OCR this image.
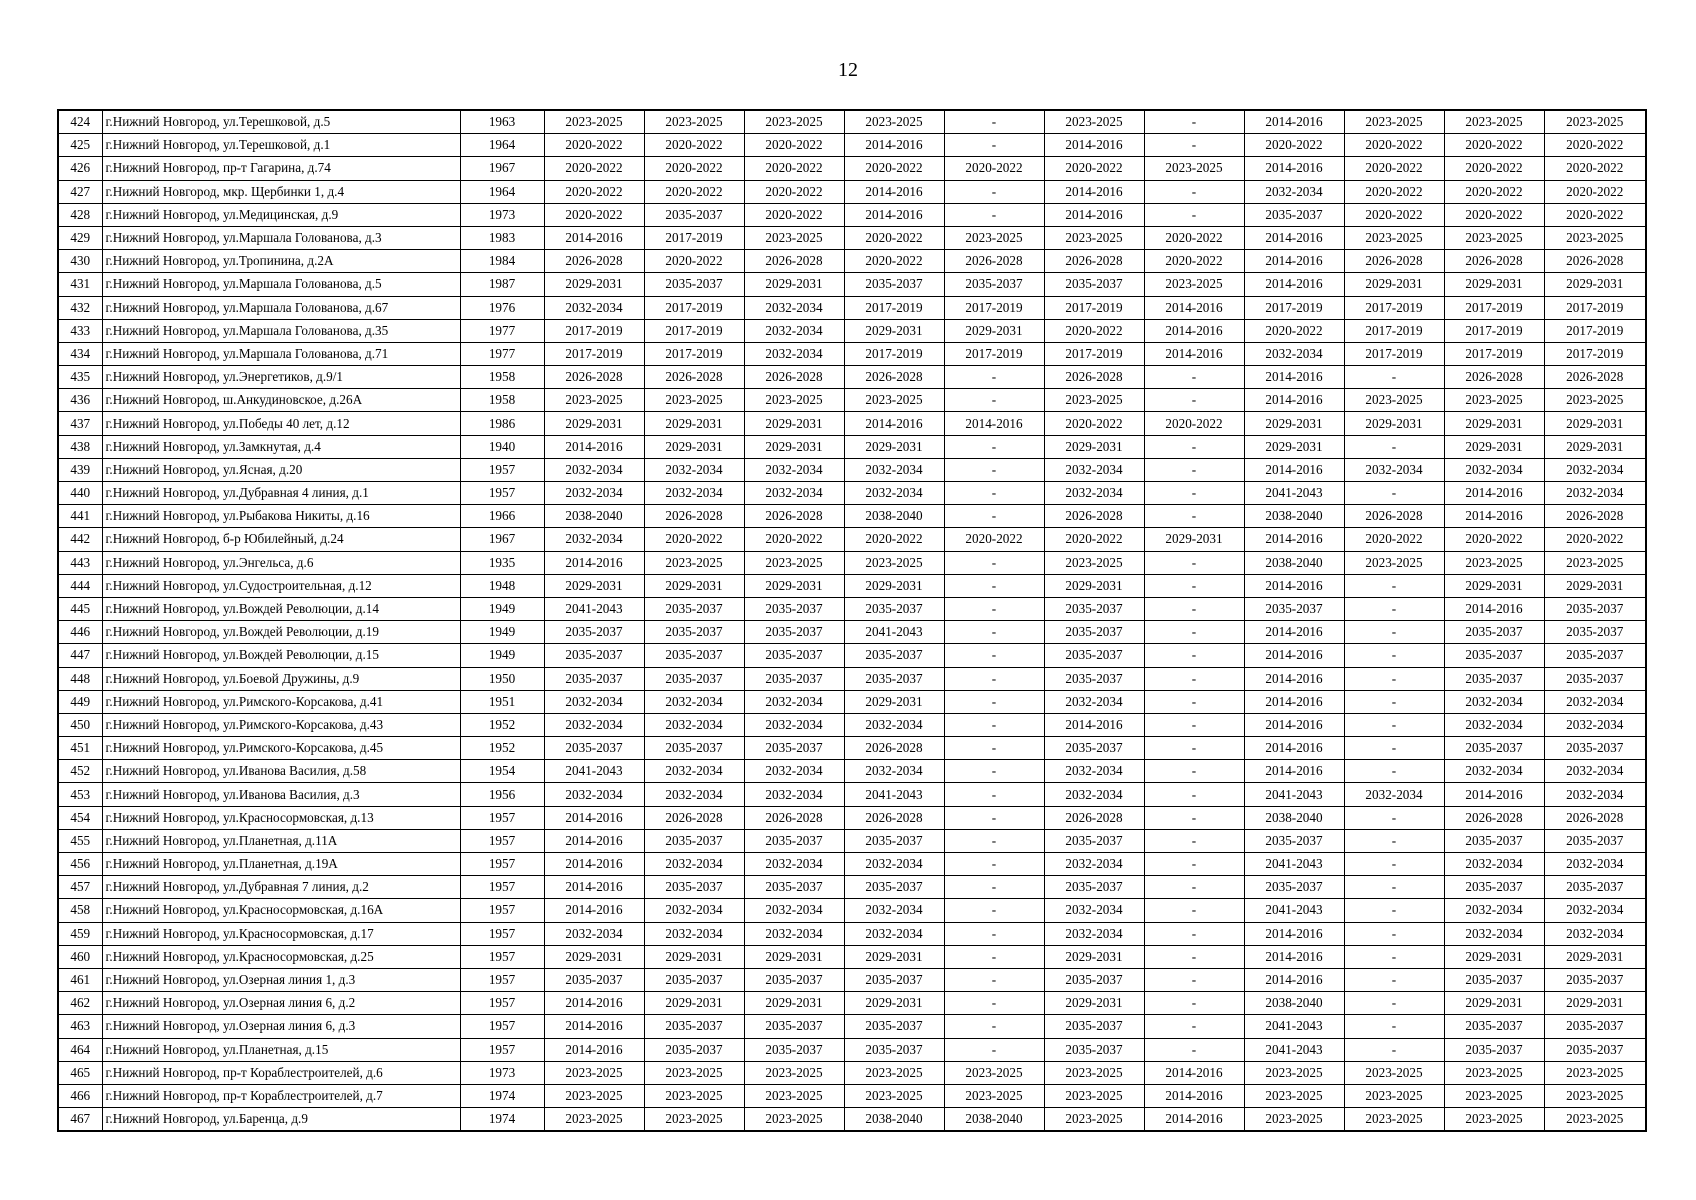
12
424	г.Нижний Новгород, ул.Терешковой, д.5	1963	2023-2025	2023-2025	2023-2025	2023-2025	-	2023-2025	-	2014-2016	2023-2025	2023-2025	2023-2025
425	г.Нижний Новгород, ул.Терешковой, д.1	1964	2020-2022	2020-2022	2020-2022	2014-2016	-	2014-2016	-	2020-2022	2020-2022	2020-2022	2020-2022
426	г.Нижний Новгород, пр-т Гагарина, д.74	1967	2020-2022	2020-2022	2020-2022	2020-2022	2020-2022	2020-2022	2023-2025	2014-2016	2020-2022	2020-2022	2020-2022
427	г.Нижний Новгород, мкр. Щербинки 1, д.4	1964	2020-2022	2020-2022	2020-2022	2014-2016	-	2014-2016	-	2032-2034	2020-2022	2020-2022	2020-2022
428	г.Нижний Новгород, ул.Медицинская, д.9	1973	2020-2022	2035-2037	2020-2022	2014-2016	-	2014-2016	-	2035-2037	2020-2022	2020-2022	2020-2022
429	г.Нижний Новгород, ул.Маршала Голованова, д.3	1983	2014-2016	2017-2019	2023-2025	2020-2022	2023-2025	2023-2025	2020-2022	2014-2016	2023-2025	2023-2025	2023-2025
430	г.Нижний Новгород, ул.Тропинина, д.2А	1984	2026-2028	2020-2022	2026-2028	2020-2022	2026-2028	2026-2028	2020-2022	2014-2016	2026-2028	2026-2028	2026-2028
431	г.Нижний Новгород, ул.Маршала Голованова, д.5	1987	2029-2031	2035-2037	2029-2031	2035-2037	2035-2037	2035-2037	2023-2025	2014-2016	2029-2031	2029-2031	2029-2031
432	г.Нижний Новгород, ул.Маршала Голованова, д.67	1976	2032-2034	2017-2019	2032-2034	2017-2019	2017-2019	2017-2019	2014-2016	2017-2019	2017-2019	2017-2019	2017-2019
433	г.Нижний Новгород, ул.Маршала Голованова, д.35	1977	2017-2019	2017-2019	2032-2034	2029-2031	2029-2031	2020-2022	2014-2016	2020-2022	2017-2019	2017-2019	2017-2019
434	г.Нижний Новгород, ул.Маршала Голованова, д.71	1977	2017-2019	2017-2019	2032-2034	2017-2019	2017-2019	2017-2019	2014-2016	2032-2034	2017-2019	2017-2019	2017-2019
435	г.Нижний Новгород, ул.Энергетиков, д.9/1	1958	2026-2028	2026-2028	2026-2028	2026-2028	-	2026-2028	-	2014-2016	-	2026-2028	2026-2028
436	г.Нижний Новгород, ш.Анкудиновское, д.26А	1958	2023-2025	2023-2025	2023-2025	2023-2025	-	2023-2025	-	2014-2016	2023-2025	2023-2025	2023-2025
437	г.Нижний Новгород, ул.Победы 40 лет, д.12	1986	2029-2031	2029-2031	2029-2031	2014-2016	2014-2016	2020-2022	2020-2022	2029-2031	2029-2031	2029-2031	2029-2031
438	г.Нижний Новгород, ул.Замкнутая, д.4	1940	2014-2016	2029-2031	2029-2031	2029-2031	-	2029-2031	-	2029-2031	-	2029-2031	2029-2031
439	г.Нижний Новгород, ул.Ясная, д.20	1957	2032-2034	2032-2034	2032-2034	2032-2034	-	2032-2034	-	2014-2016	2032-2034	2032-2034	2032-2034
440	г.Нижний Новгород, ул.Дубравная 4 линия, д.1	1957	2032-2034	2032-2034	2032-2034	2032-2034	-	2032-2034	-	2041-2043	-	2014-2016	2032-2034
441	г.Нижний Новгород, ул.Рыбакова Никиты, д.16	1966	2038-2040	2026-2028	2026-2028	2038-2040	-	2026-2028	-	2038-2040	2026-2028	2014-2016	2026-2028
442	г.Нижний Новгород, б-р Юбилейный, д.24	1967	2032-2034	2020-2022	2020-2022	2020-2022	2020-2022	2020-2022	2029-2031	2014-2016	2020-2022	2020-2022	2020-2022
443	г.Нижний Новгород, ул.Энгельса, д.6	1935	2014-2016	2023-2025	2023-2025	2023-2025	-	2023-2025	-	2038-2040	2023-2025	2023-2025	2023-2025
444	г.Нижний Новгород, ул.Судостроительная, д.12	1948	2029-2031	2029-2031	2029-2031	2029-2031	-	2029-2031	-	2014-2016	-	2029-2031	2029-2031
445	г.Нижний Новгород, ул.Вождей Революции, д.14	1949	2041-2043	2035-2037	2035-2037	2035-2037	-	2035-2037	-	2035-2037	-	2014-2016	2035-2037
446	г.Нижний Новгород, ул.Вождей Революции, д.19	1949	2035-2037	2035-2037	2035-2037	2041-2043	-	2035-2037	-	2014-2016	-	2035-2037	2035-2037
447	г.Нижний Новгород, ул.Вождей Революции, д.15	1949	2035-2037	2035-2037	2035-2037	2035-2037	-	2035-2037	-	2014-2016	-	2035-2037	2035-2037
448	г.Нижний Новгород, ул.Боевой Дружины, д.9	1950	2035-2037	2035-2037	2035-2037	2035-2037	-	2035-2037	-	2014-2016	-	2035-2037	2035-2037
449	г.Нижний Новгород, ул.Римского-Корсакова, д.41	1951	2032-2034	2032-2034	2032-2034	2029-2031	-	2032-2034	-	2014-2016	-	2032-2034	2032-2034
450	г.Нижний Новгород, ул.Римского-Корсакова, д.43	1952	2032-2034	2032-2034	2032-2034	2032-2034	-	2014-2016	-	2014-2016	-	2032-2034	2032-2034
451	г.Нижний Новгород, ул.Римского-Корсакова, д.45	1952	2035-2037	2035-2037	2035-2037	2026-2028	-	2035-2037	-	2014-2016	-	2035-2037	2035-2037
452	г.Нижний Новгород, ул.Иванова Василия, д.58	1954	2041-2043	2032-2034	2032-2034	2032-2034	-	2032-2034	-	2014-2016	-	2032-2034	2032-2034
453	г.Нижний Новгород, ул.Иванова Василия, д.3	1956	2032-2034	2032-2034	2032-2034	2041-2043	-	2032-2034	-	2041-2043	2032-2034	2014-2016	2032-2034
454	г.Нижний Новгород, ул.Красносормовская, д.13	1957	2014-2016	2026-2028	2026-2028	2026-2028	-	2026-2028	-	2038-2040	-	2026-2028	2026-2028
455	г.Нижний Новгород, ул.Планетная, д.11А	1957	2014-2016	2035-2037	2035-2037	2035-2037	-	2035-2037	-	2035-2037	-	2035-2037	2035-2037
456	г.Нижний Новгород, ул.Планетная, д.19А	1957	2014-2016	2032-2034	2032-2034	2032-2034	-	2032-2034	-	2041-2043	-	2032-2034	2032-2034
457	г.Нижний Новгород, ул.Дубравная 7 линия, д.2	1957	2014-2016	2035-2037	2035-2037	2035-2037	-	2035-2037	-	2035-2037	-	2035-2037	2035-2037
458	г.Нижний Новгород, ул.Красносормовская, д.16А	1957	2014-2016	2032-2034	2032-2034	2032-2034	-	2032-2034	-	2041-2043	-	2032-2034	2032-2034
459	г.Нижний Новгород, ул.Красносормовская, д.17	1957	2032-2034	2032-2034	2032-2034	2032-2034	-	2032-2034	-	2014-2016	-	2032-2034	2032-2034
460	г.Нижний Новгород, ул.Красносормовская, д.25	1957	2029-2031	2029-2031	2029-2031	2029-2031	-	2029-2031	-	2014-2016	-	2029-2031	2029-2031
461	г.Нижний Новгород, ул.Озерная линия 1, д.3	1957	2035-2037	2035-2037	2035-2037	2035-2037	-	2035-2037	-	2014-2016	-	2035-2037	2035-2037
462	г.Нижний Новгород, ул.Озерная линия 6, д.2	1957	2014-2016	2029-2031	2029-2031	2029-2031	-	2029-2031	-	2038-2040	-	2029-2031	2029-2031
463	г.Нижний Новгород, ул.Озерная линия 6, д.3	1957	2014-2016	2035-2037	2035-2037	2035-2037	-	2035-2037	-	2041-2043	-	2035-2037	2035-2037
464	г.Нижний Новгород, ул.Планетная, д.15	1957	2014-2016	2035-2037	2035-2037	2035-2037	-	2035-2037	-	2041-2043	-	2035-2037	2035-2037
465	г.Нижний Новгород, пр-т Кораблестроителей, д.6	1973	2023-2025	2023-2025	2023-2025	2023-2025	2023-2025	2023-2025	2014-2016	2023-2025	2023-2025	2023-2025	2023-2025
466	г.Нижний Новгород, пр-т Кораблестроителей, д.7	1974	2023-2025	2023-2025	2023-2025	2023-2025	2023-2025	2023-2025	2014-2016	2023-2025	2023-2025	2023-2025	2023-2025
467	г.Нижний Новгород, ул.Баренца, д.9	1974	2023-2025	2023-2025	2023-2025	2038-2040	2038-2040	2023-2025	2014-2016	2023-2025	2023-2025	2023-2025	2023-2025
